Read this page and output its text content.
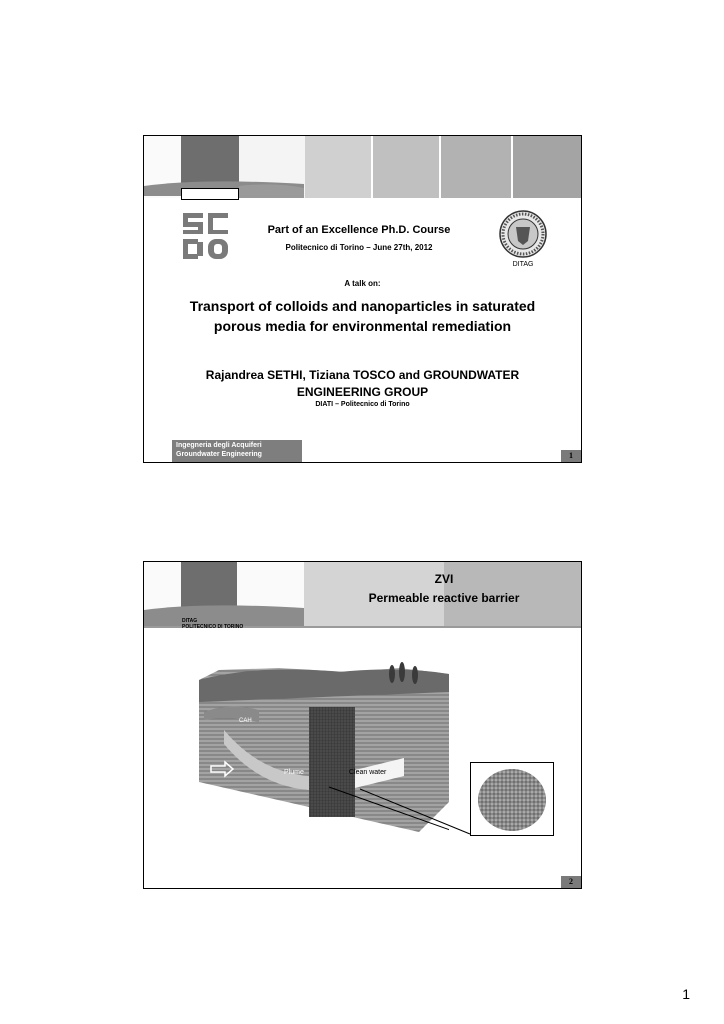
SCUDO
Part of an Excellence Ph.D. Course
Politecnico di Torino – June 27th, 2012
DITAG
A talk on:
Transport of colloids and nanoparticles in saturated
porous media for environmental remediation
Rajandrea SETHI, Tiziana TOSCO and GROUNDWATER
ENGINEERING GROUP
DIATI – Politecnico di Torino
Ingegneria degli Acquiferi
Groundwater Engineering	1
DITAG
POLITECNICO DI TORINO
ZVI
Permeable reactive barrier
CAH
Plume	Clean water
2
1
